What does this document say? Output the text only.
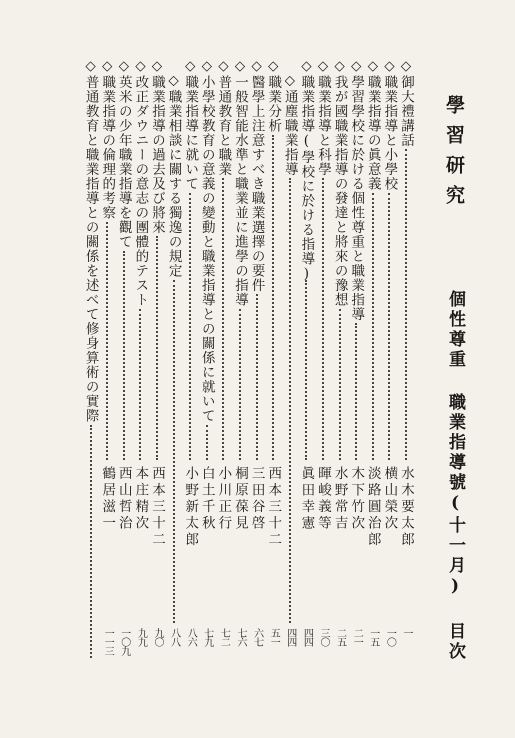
學習研究
個性尊重 職業指導號(十一月) 目次
◇御大禮講話
水木要太郎
一
◇職業指導と小學校
横山榮次
一〇
◇職業指導の眞意義
淡路圓治郎
一五
◇學習學校に於ける個性尊重と職業指導
木下竹次
二一
◇我が國職業指導の發達と將來の豫想
水野常吉
二五
◇職業指導と科學
暉峻義等
三〇
◇職業指導(學校に於ける指導)
眞田幸憲
四四
　◇通塵職業指導
四四
◇職業分析
西本三十二
五一
◇醫學上注意すべき職業選擇の要件
三田谷啓
六七
◇一般智能水準と職業並に進學の指導
桐原葆見
七六
◇普通教育と職業
小川正行
七二
◇小學校教育の意義の變動と職業指導との關係に就いて
白土千秋
七九
◇職業指導に就いて
小野新太郎
八六
　◇職業相談に關する獨逸の規定
八八
◇職業指導の過去及び將來
西本三十二
九〇
◇改正ダウニーの意志の團體的テスト
本庄精次
九九
◇英米の少年職業指導を觀て
西山哲治
一〇九
◇職業指導の倫理的考察
鶴居滋一
一一三
◇普通教育と職業指導との關係を述べて修身算術の實際
